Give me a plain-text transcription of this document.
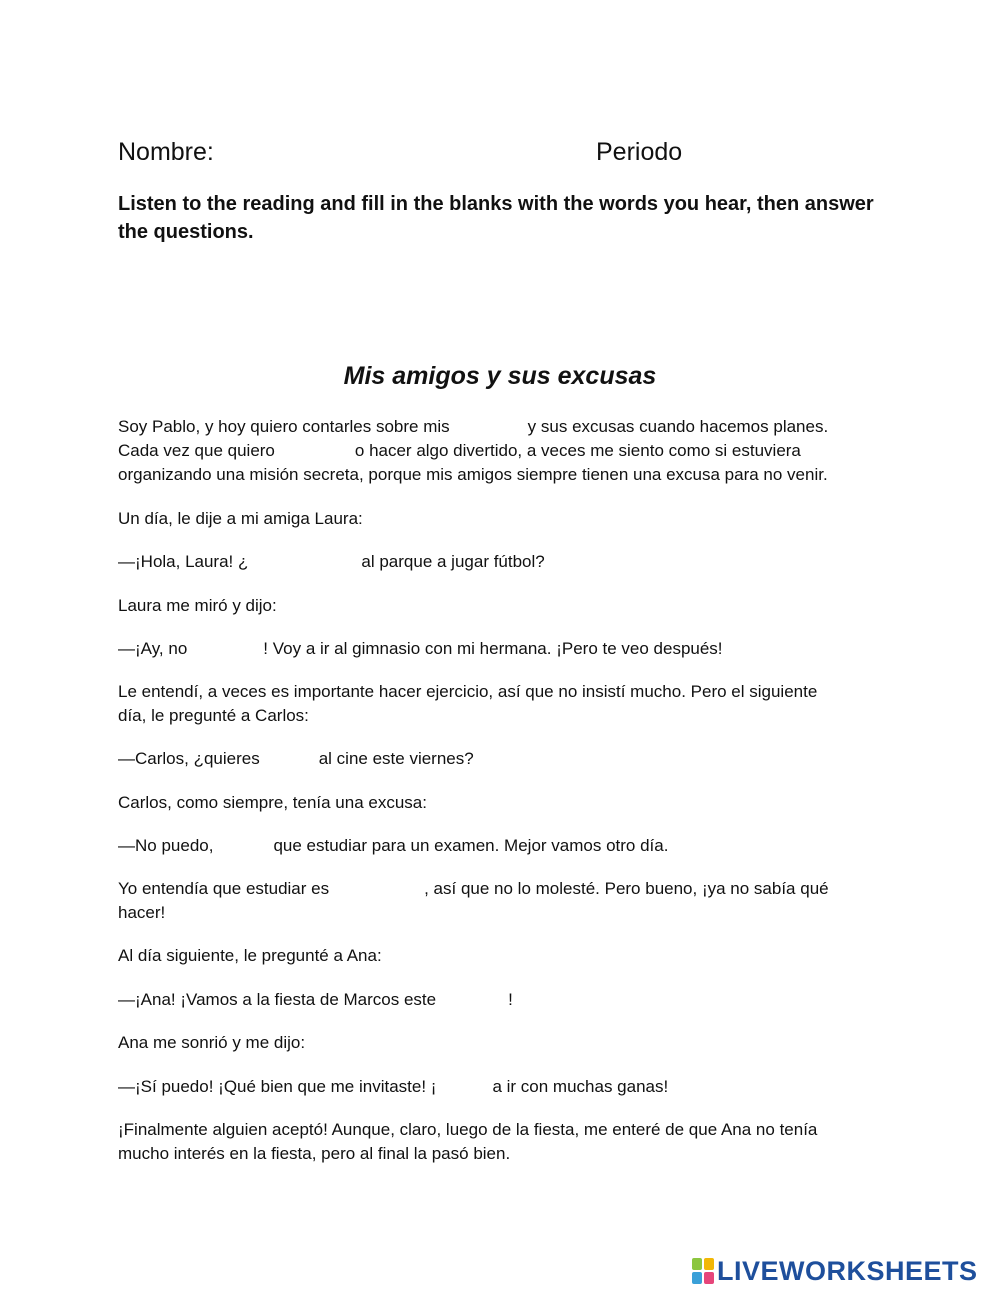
Nombre:	Periodo
Listen to the reading and fill in the blanks with the words you hear, then answer the questions.
Mis amigos y sus excusas
Soy Pablo, y hoy quiero contarles sobre mis	y sus excusas cuando hacemos planes.
Cada vez que quiero	o hacer algo divertido, a veces me siento como si estuviera
organizando una misión secreta, porque mis amigos siempre tienen una excusa para no venir.
Un día, le dije a mi amiga Laura:
—¡Hola, Laura! ¿	al parque a jugar fútbol?
Laura me miró y dijo:
—¡Ay, no	! Voy a ir al gimnasio con mi hermana. ¡Pero te veo después!
Le entendí, a veces es importante hacer ejercicio, así que no insistí mucho. Pero el siguiente
día, le pregunté a Carlos:
—Carlos, ¿quieres	al cine este viernes?
Carlos, como siempre, tenía una excusa:
—No puedo,	que estudiar para un examen. Mejor vamos otro día.
Yo entendía que estudiar es	, así que no lo molesté. Pero bueno, ¡ya no sabía qué
hacer!
Al día siguiente, le pregunté a Ana:
—¡Ana! ¡Vamos a la fiesta de Marcos este	!
Ana me sonrió y me dijo:
—¡Sí puedo! ¡Qué bien que me invitaste! ¡	a ir con muchas ganas!
¡Finalmente alguien aceptó! Aunque, claro, luego de la fiesta, me enteré de que Ana no tenía
mucho interés en la fiesta, pero al final la pasó bien.
LIVEWORKSHEETS
